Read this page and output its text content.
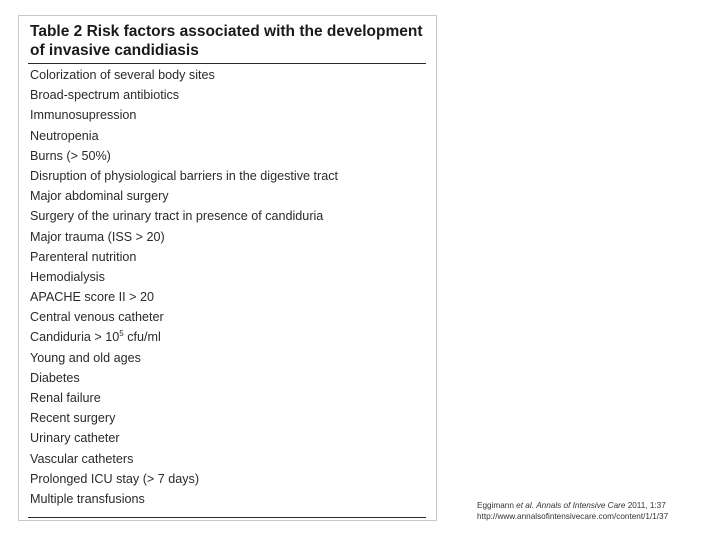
Table 2 Risk factors associated with the development of invasive candidiasis
Colorization of several body sites
Broad-spectrum antibiotics
Immunosupression
Neutropenia
Burns (> 50%)
Disruption of physiological barriers in the digestive tract
Major abdominal surgery
Surgery of the urinary tract in presence of candiduria
Major trauma (ISS > 20)
Parenteral nutrition
Hemodialysis
APACHE score II > 20
Central venous catheter
Candiduria > $10^5$ cfu/ml
Young and old ages
Diabetes
Renal failure
Recent surgery
Urinary catheter
Vascular catheters
Prolonged ICU stay (> 7 days)
Multiple transfusions	Eggimann et al. Annals of Intensive Care 2011, 1:37
http://www.annalsofintensivecare.com/content/1/1/37
